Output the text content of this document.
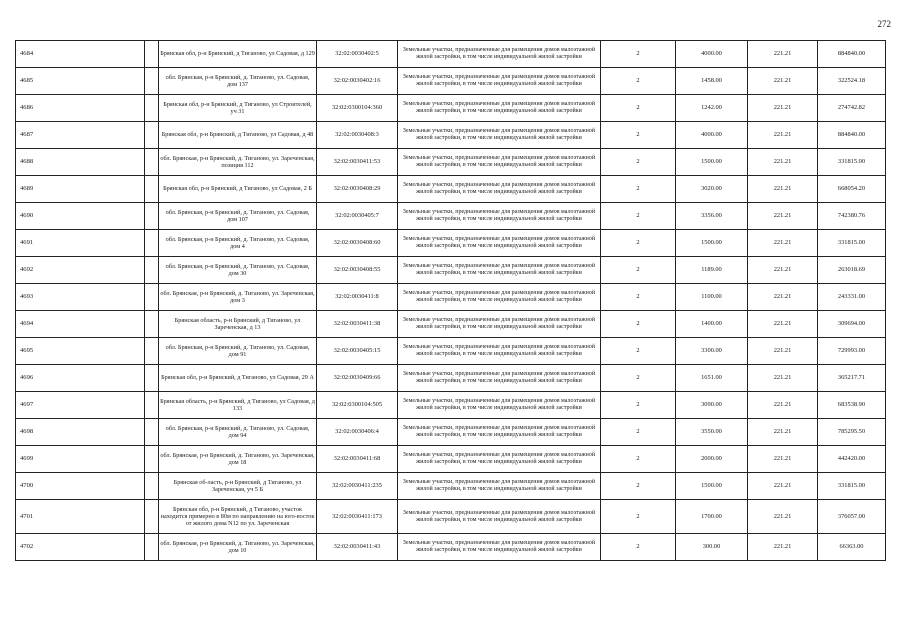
272
4684		Брянская обл, р-н Брянский, д Тиганово, ул Садовая, д 129	32:02:0030402:5	Земельные участки, предназначенные для размещения домов малоэтажной жилой застройки, в том числе индивидуальной жилой застройки	2	4000.00	221.21	884840.00
4685		обл. Брянская, р-н Брянский, д. Тиганово, ул. Садовая, дом 137	32:02:0030402:16	Земельные участки, предназначенные для размещения домов малоэтажной жилой застройки, в том числе индивидуальной жилой застройки	2	1458.00	221.21	322524.18
4686		Брянская обл, р-н Брянский, д Тиганово, ул Строителей, уч 31	32:02:0300104:360	Земельные участки, предназначенные для размещения домов малоэтажной жилой застройки, в том числе индивидуальной жилой застройки	2	1242.00	221.21	274742.82
4687		Брянская обл, р-н Брянский, д Тиганово, ул Садовая, д 48	32:02:0030408:3	Земельные участки, предназначенные для размещения домов малоэтажной жилой застройки, в том числе индивидуальной жилой застройки	2	4000.00	221.21	884840.00
4688		обл. Брянская, р-н Брянский, д. Тиганово, ул. Зареченская, позиция 112	32:02:0030411:53	Земельные участки, предназначенные для размещения домов малоэтажной жилой застройки, в том числе индивидуальной жилой застройки	2	1500.00	221.21	331815.00
4689		Брянская обл, р-н Брянский, д Тиганово, ул Садовая, 2 Б	32:02:0030408:29	Земельные участки, предназначенные для размещения домов малоэтажной жилой застройки, в том числе индивидуальной жилой застройки	2	3020.00	221.21	668054.20
4690		обл. Брянская, р-н Брянский, д. Тиганово, ул. Садовая, дом 107	32:02:0030405:7	Земельные участки, предназначенные для размещения домов малоэтажной жилой застройки, в том числе индивидуальной жилой застройки	2	3356.00	221.21	742380.76
4691		обл. Брянская, р-н Брянский, д. Тиганово, ул. Садовая, дом 4	32:02:0030408:60	Земельные участки, предназначенные для размещения домов малоэтажной жилой застройки, в том числе индивидуальной жилой застройки	2	1500.00	221.21	331815.00
4692		обл. Брянская, р-н Брянский, д. Тиганово, ул. Садовая, дом 30	32:02:0030408:55	Земельные участки, предназначенные для размещения домов малоэтажной жилой застройки, в том числе индивидуальной жилой застройки	2	1189.00	221.21	263018.69
4693		обл. Брянская, р-н Брянский, д. Тиганово, ул. Зареченская, дом 3	32:02:0030411:8	Земельные участки, предназначенные для размещения домов малоэтажной жилой застройки, в том числе индивидуальной жилой застройки	2	1100.00	221.21	243331.00
4694		Брянская область, р-н Брянский, д Тиганово, ул Зареченская, д 13	32:02:0030411:38	Земельные участки, предназначенные для размещения домов малоэтажной жилой застройки, в том числе индивидуальной жилой застройки	2	1400.00	221.21	309694.00
4695		обл. Брянская, р-н Брянский, д. Тиганово, ул. Садовая, дом 91	32:02:0030405:15	Земельные участки, предназначенные для размещения домов малоэтажной жилой застройки, в том числе индивидуальной жилой застройки	2	3300.00	221.21	729993.00
4696		Брянская обл, р-н Брянский, д Тиганово, ул Садовая, 29 А	32:02:0030409:66	Земельные участки, предназначенные для размещения домов малоэтажной жилой застройки, в том числе индивидуальной жилой застройки	2	1651.00	221.21	365217.71
4697		Брянская область, р-н Брянский, д Тиганово, ул Садовая, д 133	32:02:0300104:505	Земельные участки, предназначенные для размещения домов малоэтажной жилой застройки, в том числе индивидуальной жилой застройки	2	3090.00	221.21	683538.90
4698		обл. Брянская, р-н Брянский, д. Тиганово, ул. Садовая, дом 94	32:02:0030406:4	Земельные участки, предназначенные для размещения домов малоэтажной жилой застройки, в том числе индивидуальной жилой застройки	2	3550.00	221.21	785295.50
4699		обл. Брянская, р-н Брянский, д. Тиганово, ул. Зареченская, дом 18	32:02:0030411:68	Земельные участки, предназначенные для размещения домов малоэтажной жилой застройки, в том числе индивидуальной жилой застройки	2	2000.00	221.21	442420.00
4700		Брянская об-ласть, р-н Брянский, д Тиганово, ул Зареченская, уч 5 Б	32:02:0030411:235	Земельные участки, предназначенные для размещения домов малоэтажной жилой застройки, в том числе индивидуальной жилой застройки	2	1500.00	221.21	331815.00
4701		Брянская обл, р-н Брянский, д Тиганово, участок находится примерно в 80м по направлению на юго-восток от жилого дома N12 по ул. Зареченская	32:02:0030411:173	Земельные участки, предназначенные для размещения домов малоэтажной жилой застройки, в том числе индивидуальной жилой застройки	2	1700.00	221.21	376057.00
4702		обл. Брянская, р-н Брянский, д. Тиганово, ул. Зареченская, дом 10	32:02:0030411:43	Земельные участки, предназначенные для размещения домов малоэтажной жилой застройки, в том числе индивидуальной жилой застройки	2	300.00	221.21	66363.00
